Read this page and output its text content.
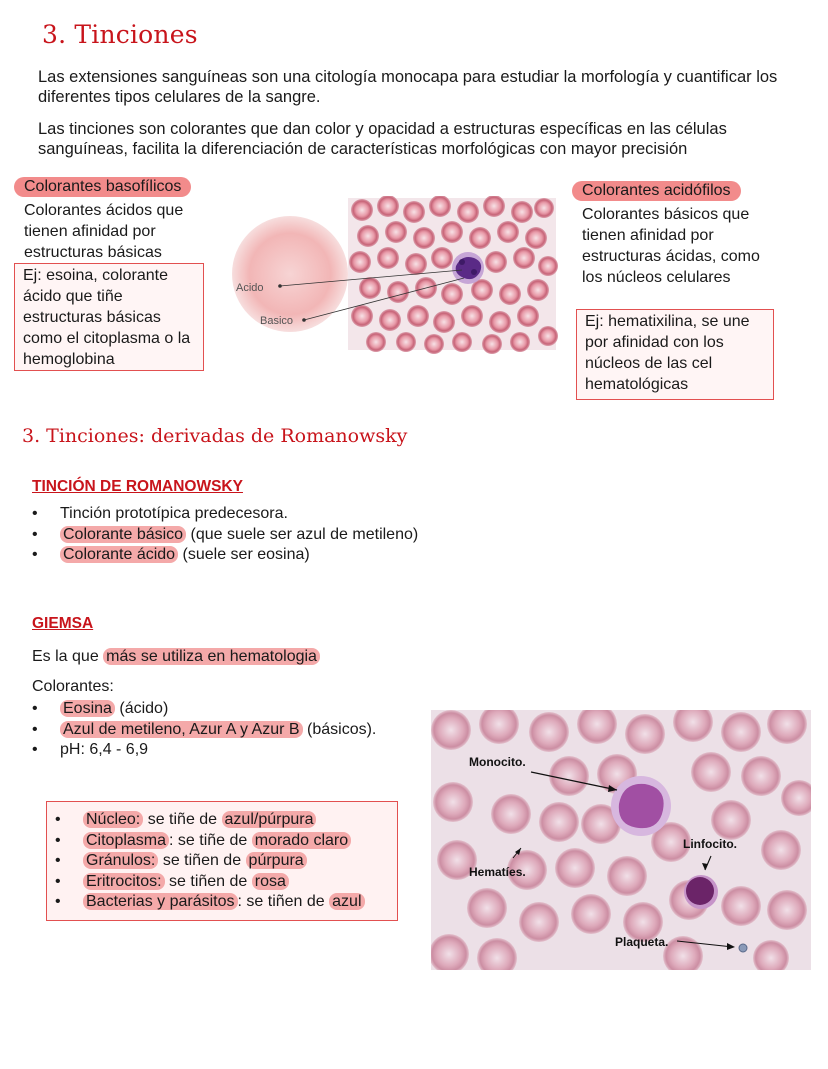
3. Tinciones
Las extensiones sanguíneas son una citología monocapa para estudiar la morfología y cuantificar los diferentes tipos celulares de la sangre.
Las tinciones son colorantes que dan color y opacidad a estructuras específicas en las células sanguíneas, facilita la diferenciación de características morfológicas con mayor precisión
Colorantes basofílicos
Colorantes ácidos que tienen afinidad por estructuras básicas
Ej: esoina, colorante ácido que tiñe estructuras básicas como el citoplasma o la hemoglobina
Colorantes acidófilos
Colorantes básicos que tienen afinidad por estructuras ácidas, como los núcleos celulares
Ej: hematixilina, se une por afinidad con los núcleos de las cel hematológicas
Acido
Basico
3. Tinciones: derivadas de Romanowsky
TINCIÓN DE ROMANOWSKY
• Tinción prototípica predecesora.
• Colorante básico (que suele ser azul de metileno)
• Colorante ácido (suele ser eosina)
GIEMSA
Es la que más se utiliza en hematologia
Colorantes:
• Eosina (ácido)
• Azul de metileno, Azur A y Azur B (básicos).
• pH: 6,4 - 6,9
• Núcleo: se tiñe de azul/púrpura
• Citoplasma : se tiñe de morado claro
• Gránulos: se tiñen de púrpura
• Eritrocitos: se tiñen de rosa
• Bacterias y parásitos : se tiñen de azul
Monocito.
Linfocito.
Hematíes.
Plaqueta.
